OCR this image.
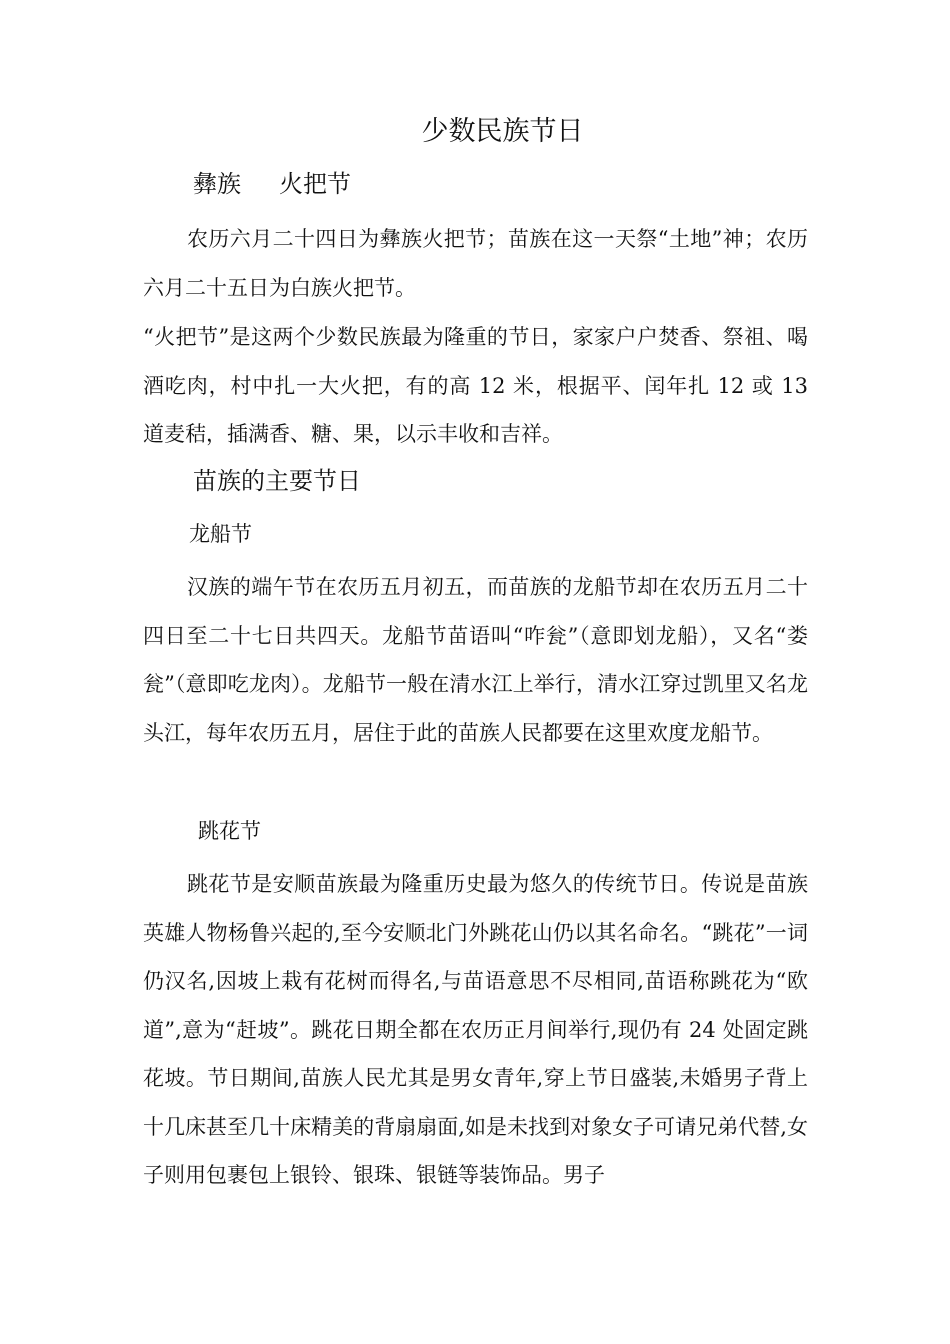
少数民族节日
彝族 火把节

农历六月二十四日为彝族火把节；苗族在这一天祭“土地”神；农历六月二十五日为白族火把节。

“火把节”是这两个少数民族最为隆重的节日，家家户户焚香、祭祖、喝酒吃肉，村中扎一大火把，有的高 12 米，根据平、闰年扎 12 或 13 道麦秸，插满香、糖、果，以示丰收和吉祥。

苗族的主要节日
龙船节

汉族的端午节在农历五月初五，而苗族的龙船节却在农历五月二十四日至二十七日共四天。龙船节苗语叫“咋瓮”（意即划龙船），又名“娄瓮”（意即吃龙肉）。龙船节一般在清水江上举行，清水江穿过凯里又名龙头江，每年农历五月，居住于此的苗族人民都要在这里欢度龙船节。

跳花节

跳花节是安顺苗族最为隆重历史最为悠久的传统节日。传说是苗族英雄人物杨鲁兴起的,至今安顺北门外跳花山仍以其名命名。“跳花”一词仍汉名,因坡上栽有花树而得名,与苗语意思不尽相同,苗语称跳花为“欧道”,意为“赶坡”。跳花日期全都在农历正月间举行,现仍有 24 处固定跳花坡。节日期间,苗族人民尤其是男女青年,穿上节日盛装,未婚男子背上十几床甚至几十床精美的背扇扇面,如是未找到对象女子可请兄弟代替,女子则用包裹包上银铃、银珠、银链等装饰品。男子
